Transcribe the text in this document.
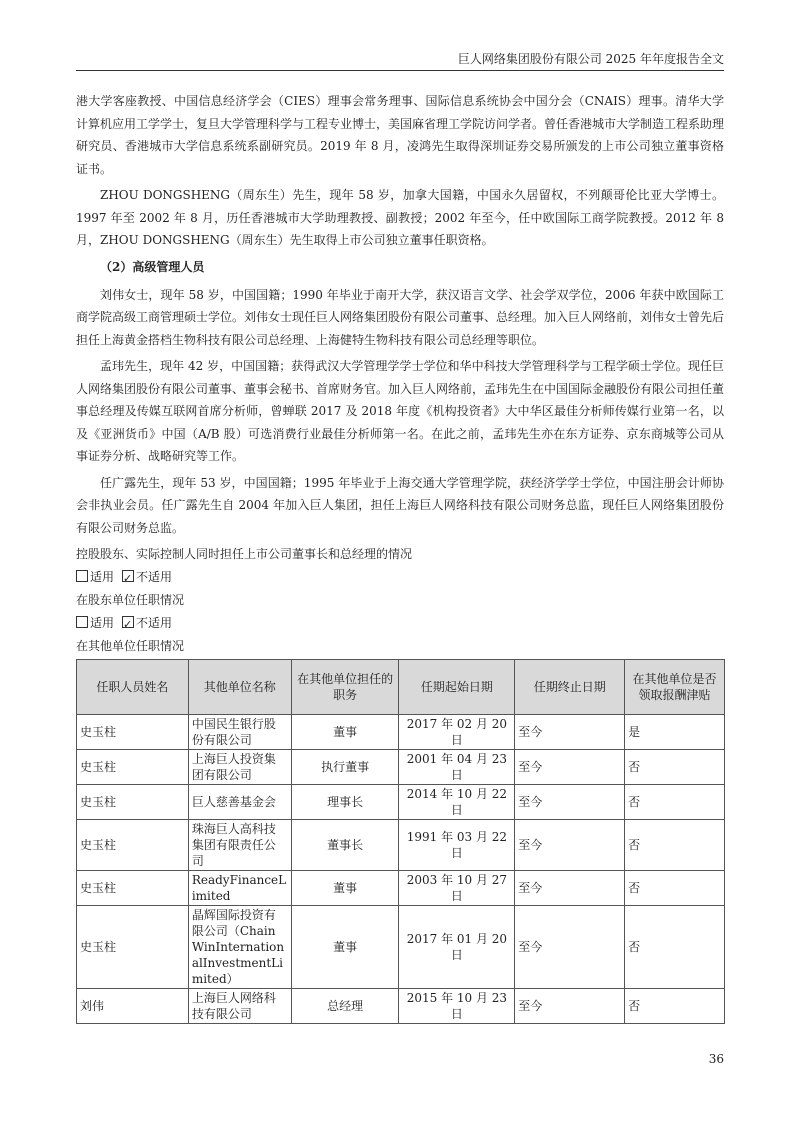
巨人网络集团股份有限公司 2025 年年度报告全文

港大学客座教授、中国信息经济学会（CIES）理事会常务理事、国际信息系统协会中国分会（CNAIS）理事。清华大学计算机应用工学学士，复旦大学管理科学与工程专业博士，美国麻省理工学院访问学者。曾任香港城市大学制造工程系助理研究员、香港城市大学信息系统系副研究员。2019 年 8 月，凌鸿先生取得深圳证券交易所颁发的上市公司独立董事资格证书。

ZHOU DONGSHENG（周东生）先生，现年 58 岁，加拿大国籍，中国永久居留权，不列颠哥伦比亚大学博士。1997 年至 2002 年 8 月，历任香港城市大学助理教授、副教授；2002 年至今，任中欧国际工商学院教授。2012 年 8 月，ZHOU DONGSHENG（周东生）先生取得上市公司独立董事任职资格。

（2）高级管理人员

刘伟女士，现年 58 岁，中国国籍；1990 年毕业于南开大学，获汉语言文学、社会学双学位，2006 年获中欧国际工商学院高级工商管理硕士学位。刘伟女士现任巨人网络集团股份有限公司董事、总经理。加入巨人网络前，刘伟女士曾先后担任上海黄金搭档生物科技有限公司总经理、上海健特生物科技有限公司总经理等职位。

孟玮先生，现年 42 岁，中国国籍；获得武汉大学管理学学士学位和华中科技大学管理科学与工程学硕士学位。现任巨人网络集团股份有限公司董事、董事会秘书、首席财务官。加入巨人网络前，孟玮先生在中国国际金融股份有限公司担任董事总经理及传媒互联网首席分析师，曾蝉联 2017 及 2018 年度《机构投资者》大中华区最佳分析师传媒行业第一名，以及《亚洲货币》中国（A/B 股）可选消费行业最佳分析师第一名。在此之前，孟玮先生亦在东方证券、京东商城等公司从事证券分析、战略研究等工作。

任广露先生，现年 53 岁，中国国籍；1995 年毕业于上海交通大学管理学院，获经济学学士学位，中国注册会计师协会非执业会员。任广露先生自 2004 年加入巨人集团，担任上海巨人网络科技有限公司财务总监，现任巨人网络集团股份有限公司财务总监。

控股股东、实际控制人同时担任上市公司董事长和总经理的情况

适用 ✓ 不适用

在股东单位任职情况

适用 ✓ 不适用

在其他单位任职情况

✓

任职人员姓名	其他单位名称	在其他单位担任的职务	任期起始日期	任期终止日期	在其他单位是否领取报酬津贴
史玉柱	中国民生银行股份有限公司	董事	2017 年 02 月 20 日	至今	是
史玉柱	上海巨人投资集团有限公司	执行董事	2001 年 04 月 23 日	至今	否
史玉柱	巨人慈善基金会	理事长	2014 年 10 月 22 日	至今	否
史玉柱	珠海巨人高科技集团有限责任公司	董事长	1991 年 03 月 22 日	至今	否
史玉柱	ReadyFinanceLimited	董事	2003 年 10 月 27 日	至今	否
史玉柱	晶辉国际投资有限公司（ChainWinInternationalInvestmentLimited）	董事	2017 年 01 月 20 日	至今	否
刘伟	上海巨人网络科技有限公司	总经理	2015 年 10 月 23 日	至今	否
36
